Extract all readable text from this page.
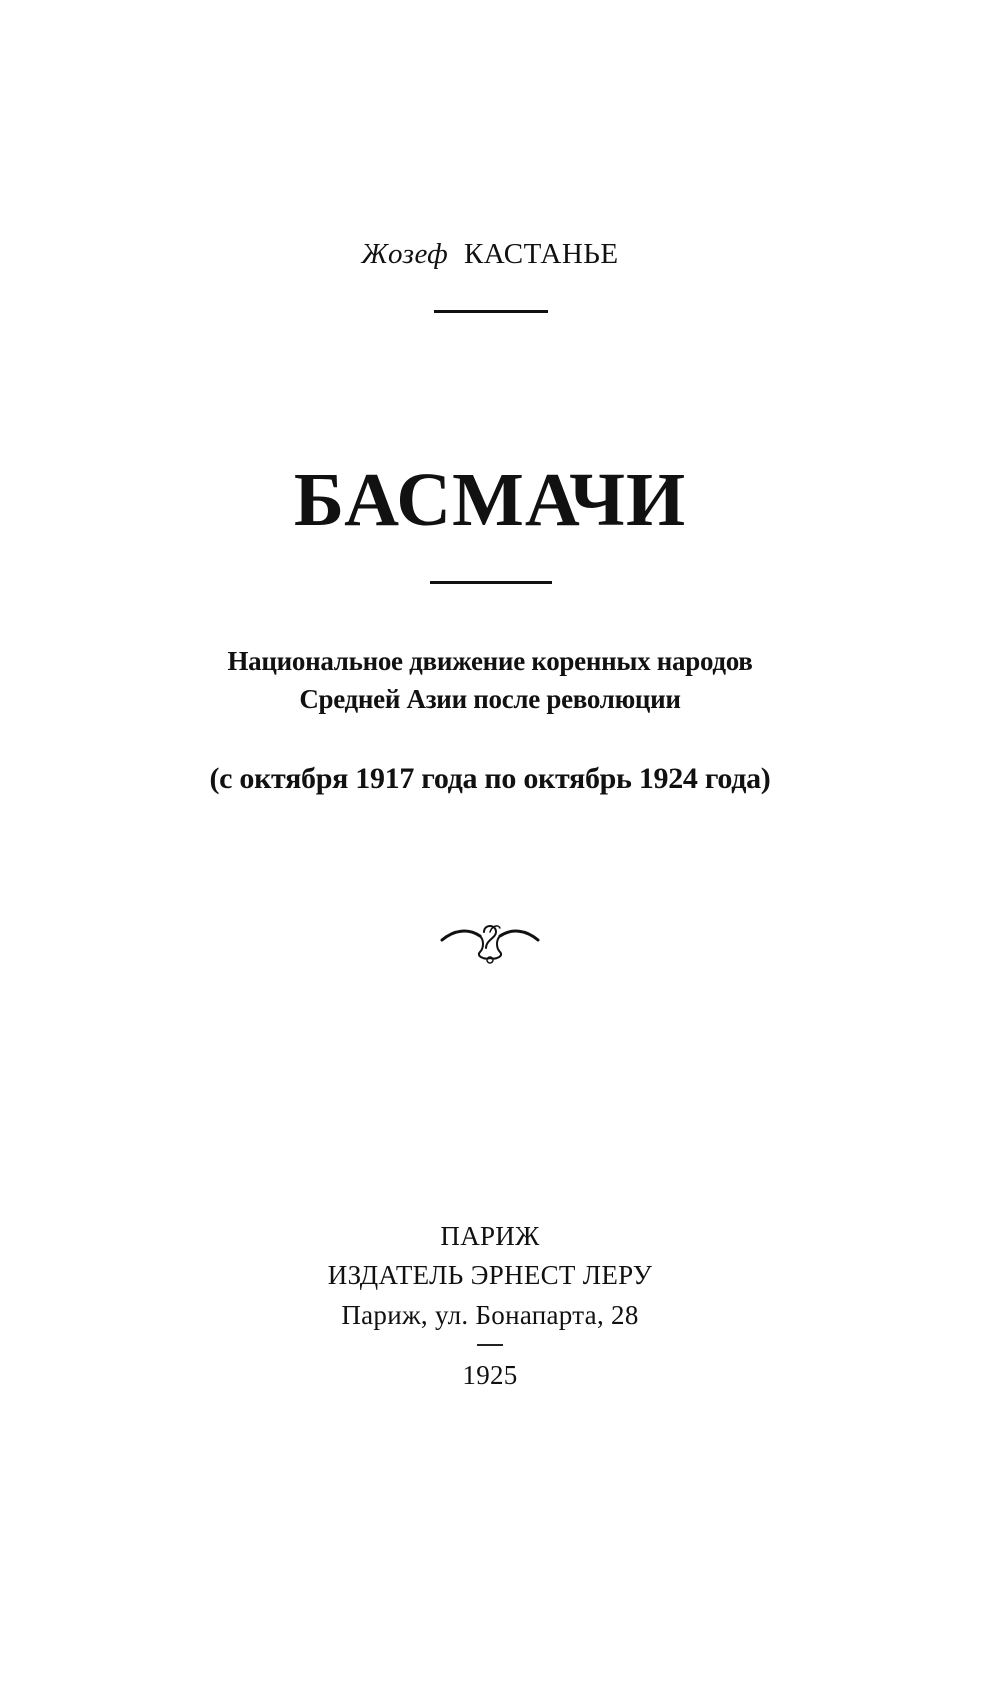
Жозеф КАСТАНЬЕ
БАСМАЧИ
Национальное движение коренных народов
Средней Азии после революции
(с октября 1917 года по октябрь 1924 года)
ПАРИЖ
ИЗДАТЕЛЬ ЭРНЕСТ ЛЕРУ
Париж, ул. Бонапарта, 28
1925
